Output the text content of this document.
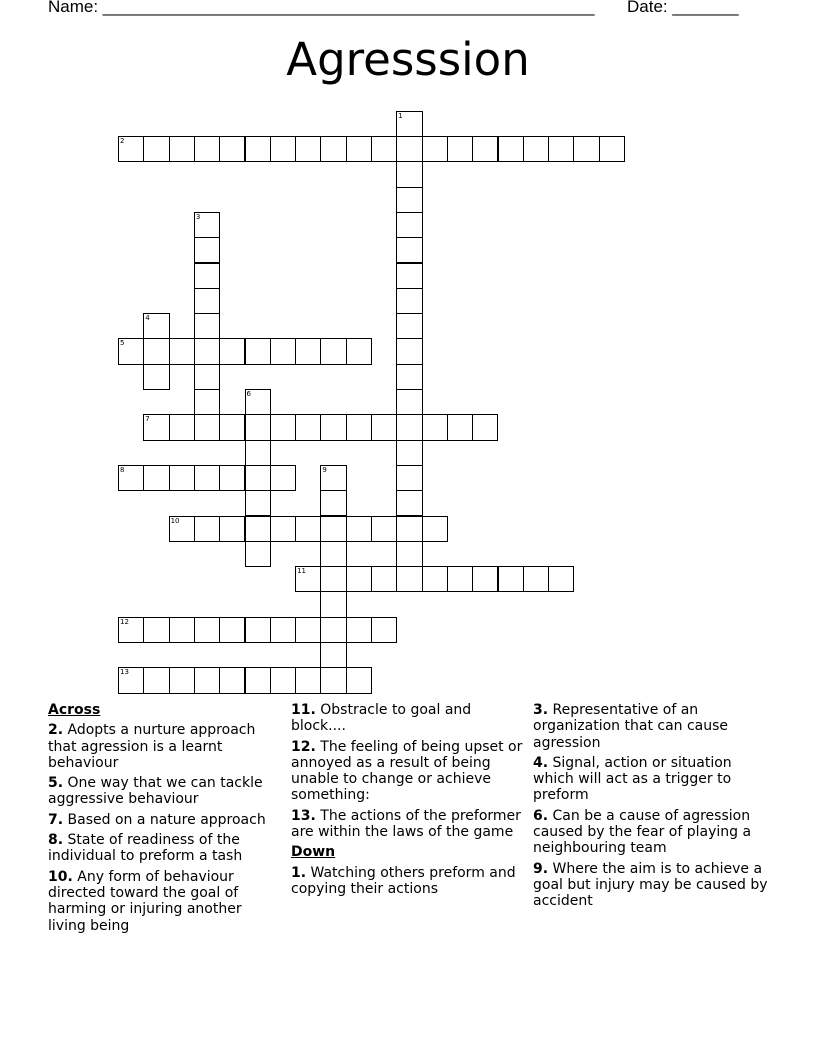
Name: ____________________________________________________ Date: _______
Agresssion
1
2
3
4
5
6
7
8	9
10
11
12
13
Across
2. Adopts a nurture approach that agression is a learnt behaviour
5. One way that we can tackle aggressive behaviour
7. Based on a nature approach
8. State of readiness of the individual to preform a tash
10. Any form of behaviour directed toward the goal of harming or injuring another living being
11. Obstracle to goal and block....
12. The feeling of being upset or annoyed as a result of being unable to change or achieve something:
13. The actions of the preformer are within the laws of the game
Down
1. Watching others preform and copying their actions
3. Representative of an organization that can cause agression
4. Signal, action or situation which will act as a trigger to preform
6. Can be a cause of agression caused by the fear of playing a neighbouring team
9. Where the aim is to achieve a goal but injury may be caused by accident
